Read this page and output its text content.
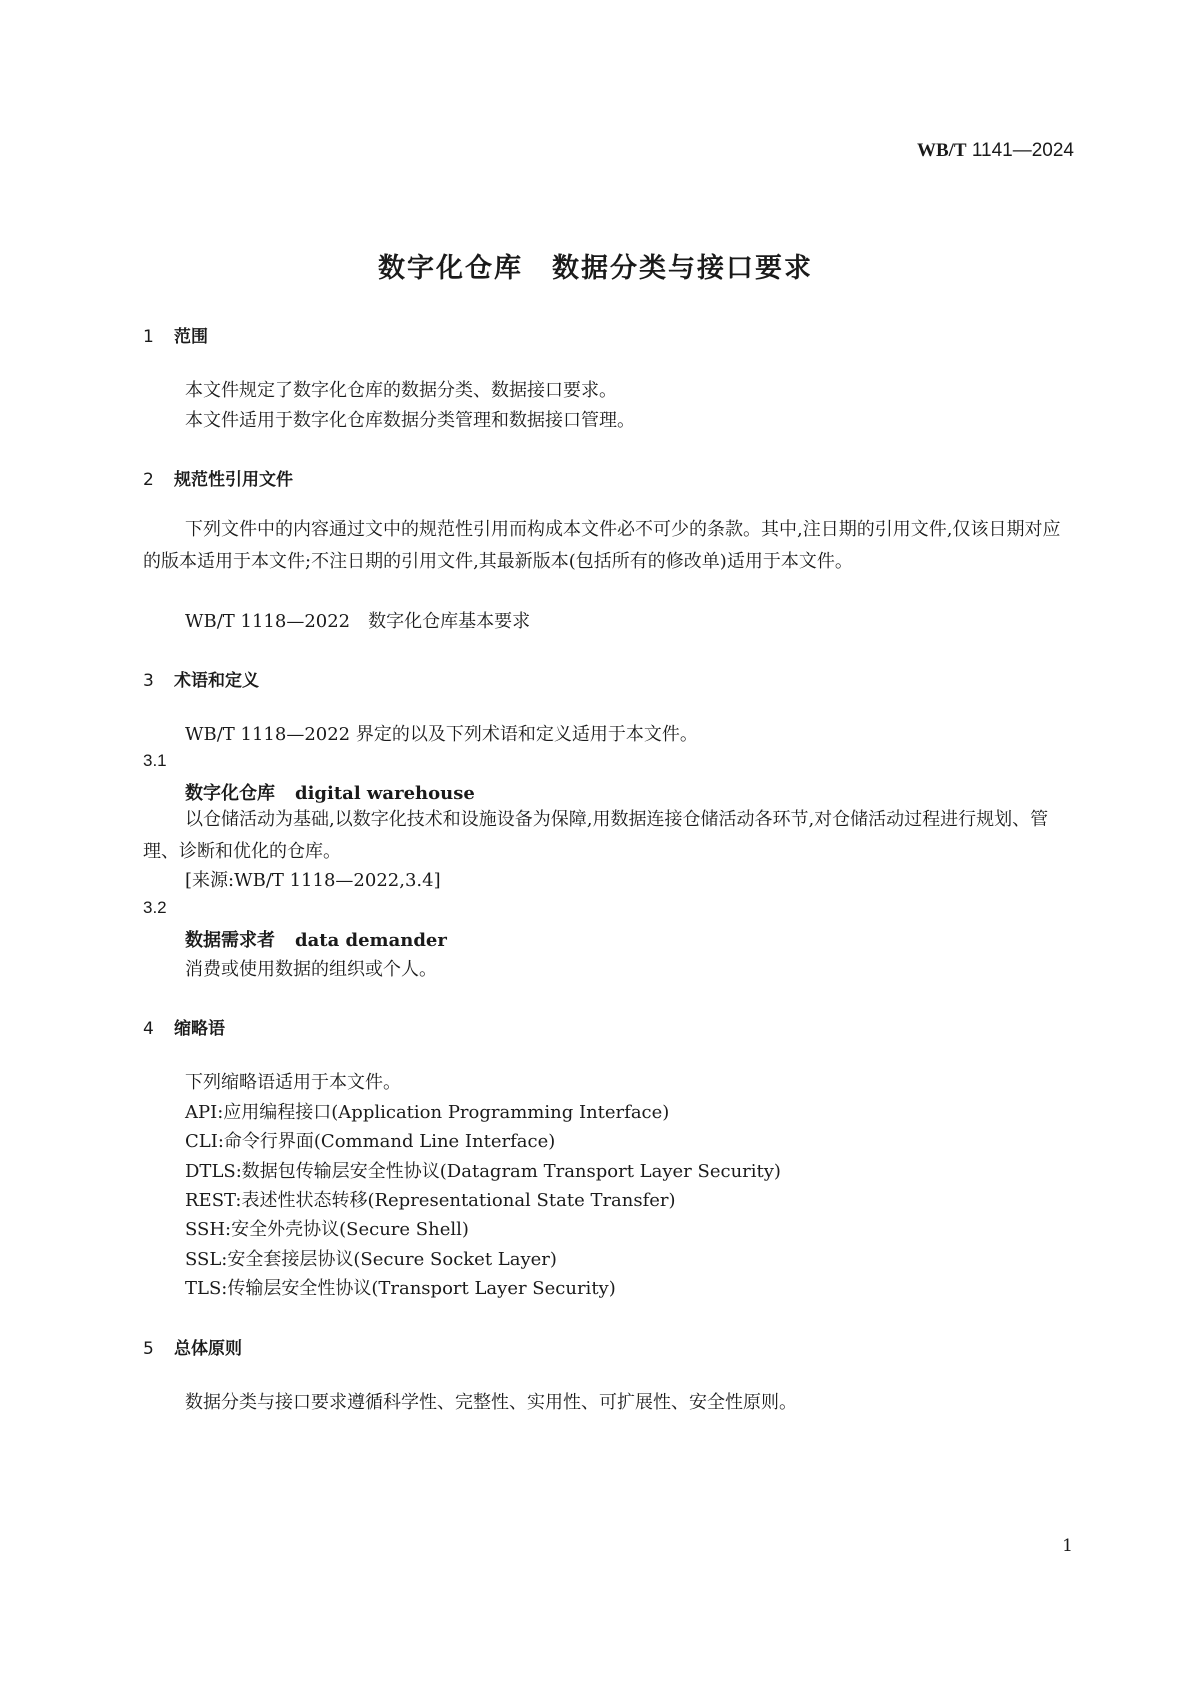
WB/T 1141—2024
数字化仓库　数据分类与接口要求
1 范围
本文件规定了数字化仓库的数据分类、数据接口要求。
本文件适用于数字化仓库数据分类管理和数据接口管理。
2 规范性引用文件
下列文件中的内容通过文中的规范性引用而构成本文件必不可少的条款。其中,注日期的引用文件,仅该日期对应的版本适用于本文件;不注日期的引用文件,其最新版本(包括所有的修改单)适用于本文件。
WB/T 1118—2022　数字化仓库基本要求
3 术语和定义
WB/T 1118—2022 界定的以及下列术语和定义适用于本文件。
3.1
数字化仓库 digital warehouse
以仓储活动为基础,以数字化技术和设施设备为保障,用数据连接仓储活动各环节,对仓储活动过程进行规划、管理、诊断和优化的仓库。
[来源:WB/T 1118—2022,3.4]
3.2
数据需求者 data demander
消费或使用数据的组织或个人。
4 缩略语
下列缩略语适用于本文件。
API:应用编程接口(Application Programming Interface)
CLI:命令行界面(Command Line Interface)
DTLS:数据包传输层安全性协议(Datagram Transport Layer Security)
REST:表述性状态转移(Representational State Transfer)
SSH:安全外壳协议(Secure Shell)
SSL:安全套接层协议(Secure Socket Layer)
TLS:传输层安全性协议(Transport Layer Security)
5 总体原则
数据分类与接口要求遵循科学性、完整性、实用性、可扩展性、安全性原则。
1
